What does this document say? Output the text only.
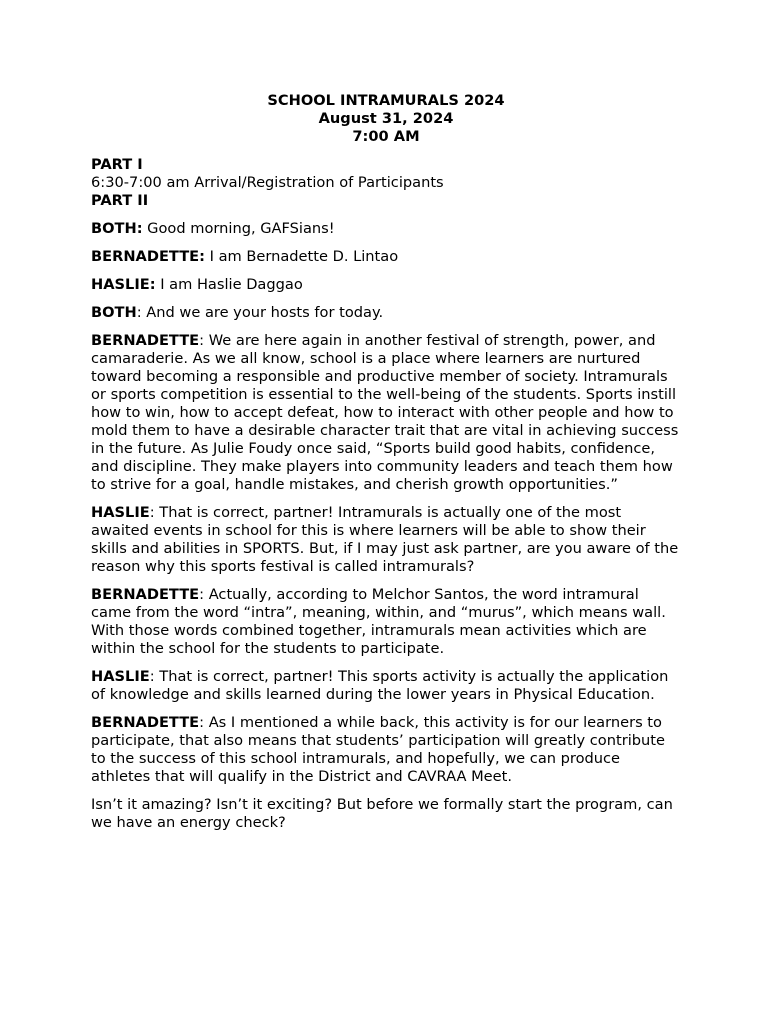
SCHOOL INTRAMURALS 2024
August 31, 2024
7:00 AM
PART I
6:30-7:00 am Arrival/Registration of Participants
PART II

BOTH: Good morning, GAFSians!

BERNADETTE: I am Bernadette D. Lintao

HASLIE: I am Haslie Daggao

BOTH: And we are your hosts for today.

BERNADETTE: We are here again in another festival of strength, power, and camaraderie. As we all know, school is a place where learners are nurtured toward becoming a responsible and productive member of society. Intramurals or sports competition is essential to the well-being of the students. Sports instill how to win, how to accept defeat, how to interact with other people and how to mold them to have a desirable character trait that are vital in achieving success in the future. As Julie Foudy once said, “Sports build good habits, confidence, and discipline. They make players into community leaders and teach them how to strive for a goal, handle mistakes, and cherish growth opportunities.”

HASLIE: That is correct, partner! Intramurals is actually one of the most awaited events in school for this is where learners will be able to show their skills and abilities in SPORTS. But, if I may just ask partner, are you aware of the reason why this sports festival is called intramurals?

BERNADETTE: Actually, according to Melchor Santos, the word intramural came from the word “intra”, meaning, within, and “murus”, which means wall. With those words combined together, intramurals mean activities which are within the school for the students to participate.

HASLIE: That is correct, partner! This sports activity is actually the application of knowledge and skills learned during the lower years in Physical Education.

BERNADETTE: As I mentioned a while back, this activity is for our learners to participate, that also means that students’ participation will greatly contribute to the success of this school intramurals, and hopefully, we can produce athletes that will qualify in the District and CAVRAA Meet.

Isn’t it amazing? Isn’t it exciting? But before we formally start the program, can we have an energy check?
